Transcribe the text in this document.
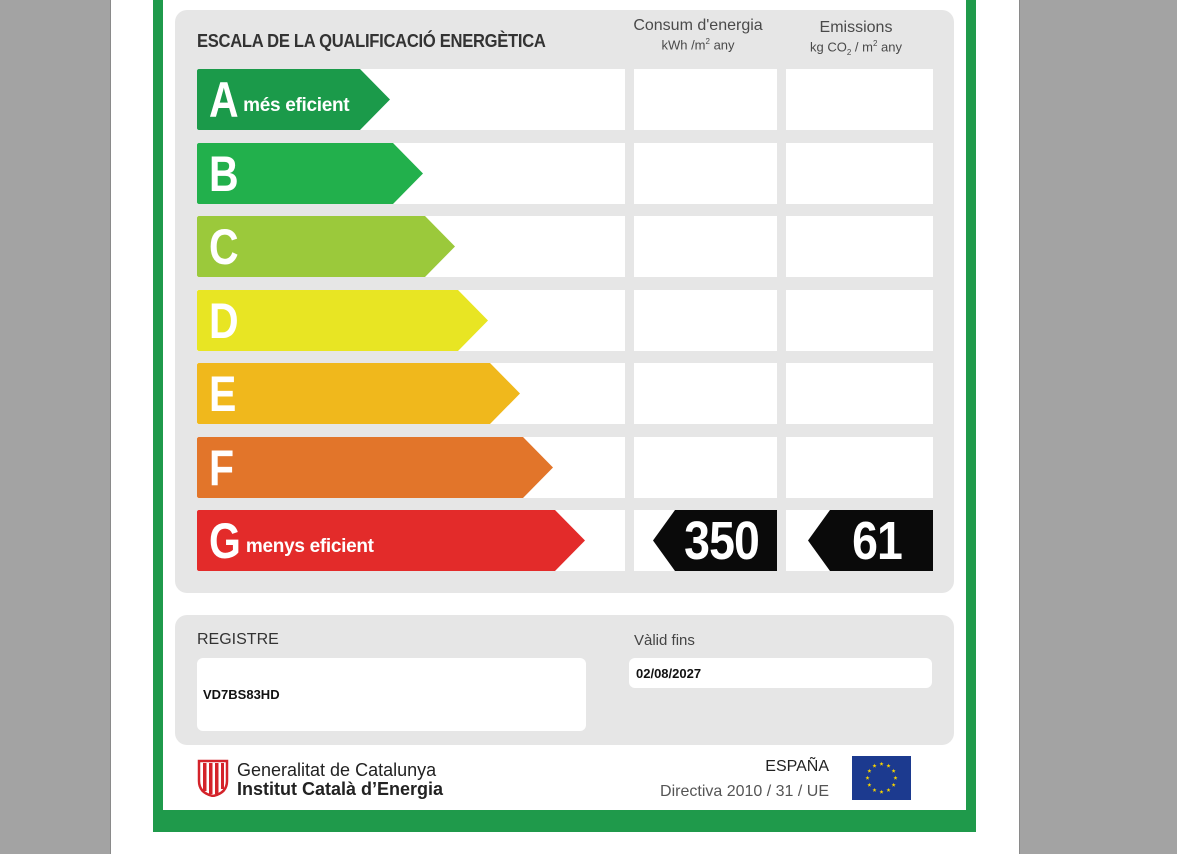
ESCALA DE LA QUALIFICACIÓ ENERGÈTICA
Consum d'energia
kWh $/m^2$ any
Emissions
kg $CO_2 / m^2$ any
A més eficient
B
C
D
E
F
G menys eficient	350 61
REGISTRE	Vàlid fins
VD7BS83HD
02/08/2027
Generalitat de Catalunya
Institut Català d’Energia
ESPAÑA
Directiva 2010 / 31 / UE
